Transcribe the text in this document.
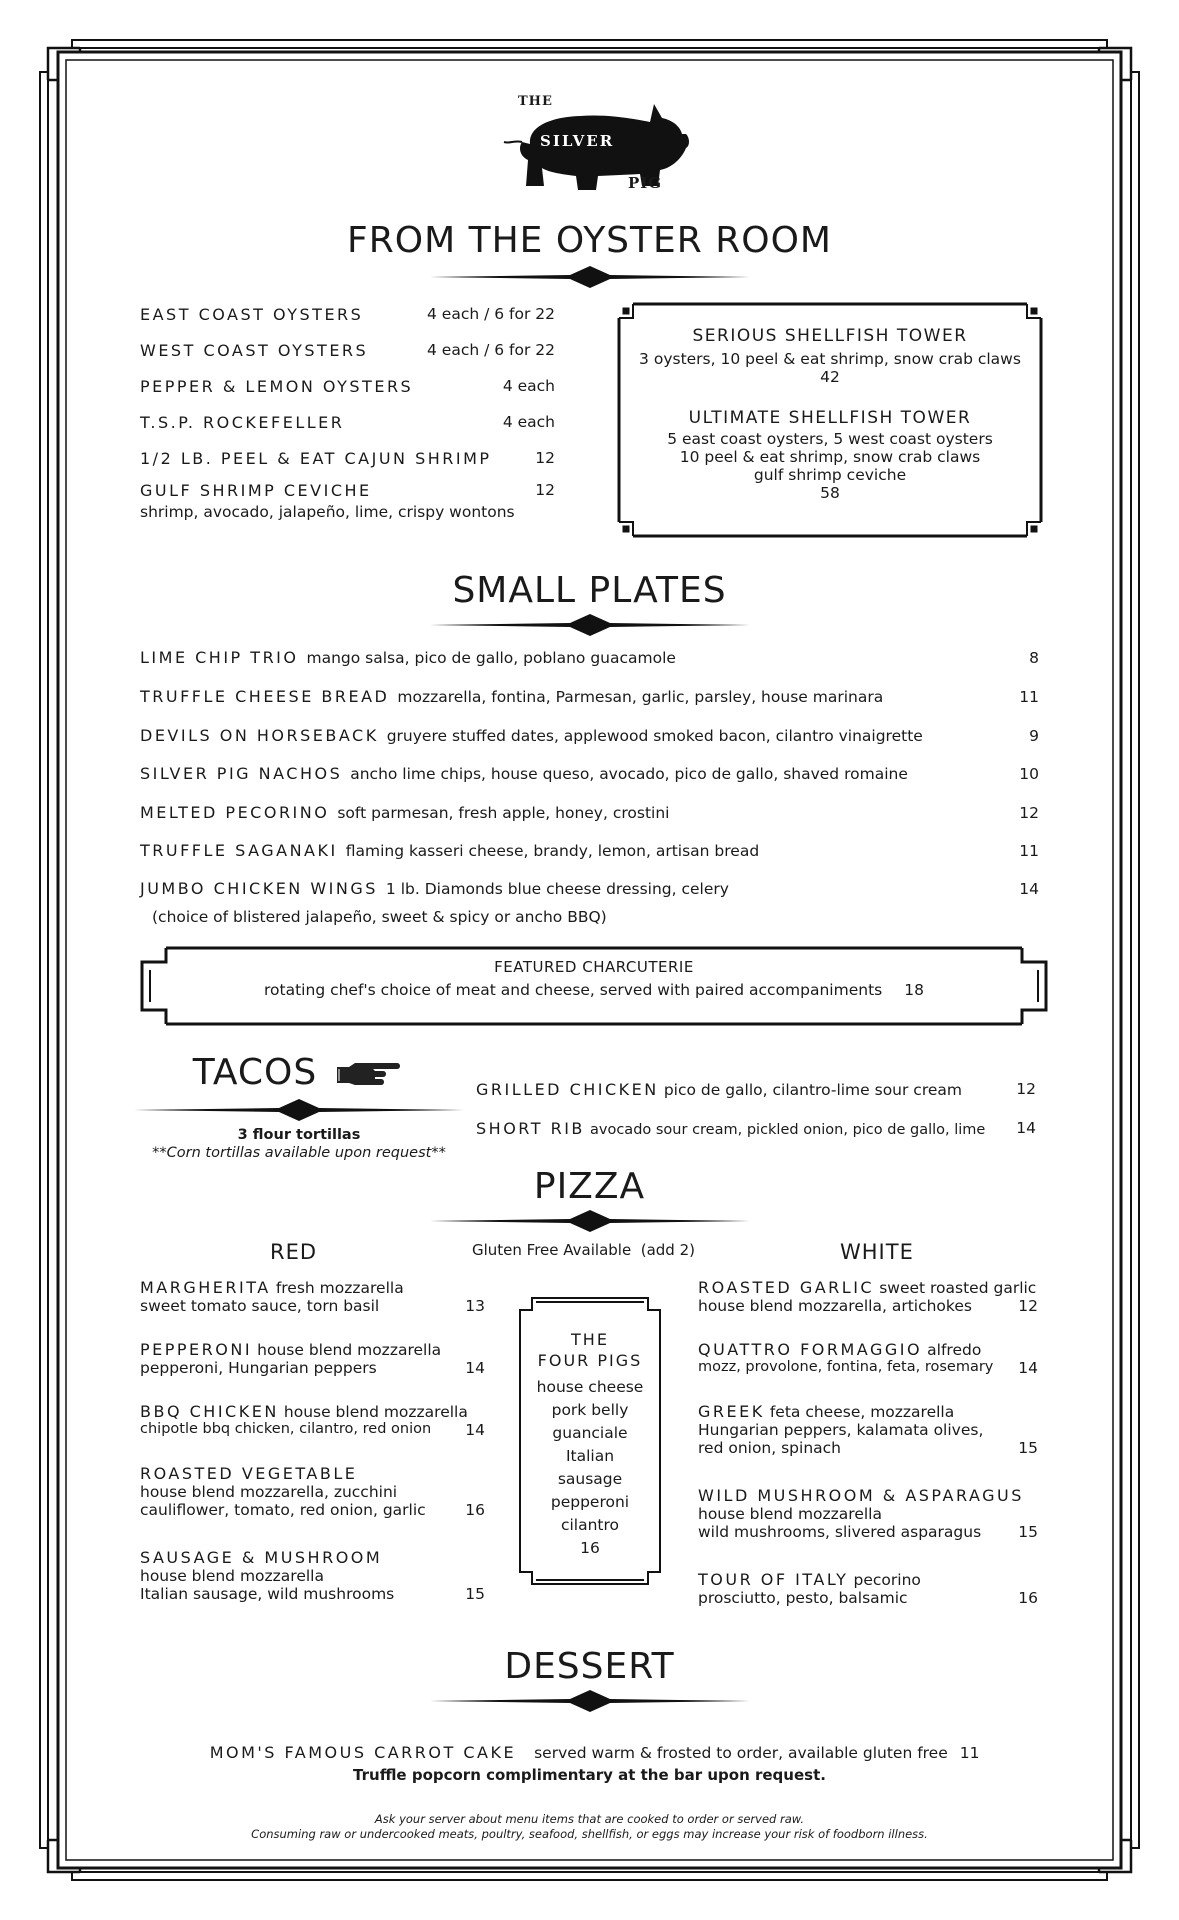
THE
SILVER
PIG
FROM THE OYSTER ROOM
EAST COAST OYSTERS	4 each / 6 for 22
WEST COAST OYSTERS	4 each / 6 for 22
PEPPER & LEMON OYSTERS	4 each
T.S.P. ROCKEFELLER	4 each
1/2 LB. PEEL & EAT CAJUN SHRIMP	12
GULF SHRIMP CEVICHE	12
shrimp, avocado, jalapeño, lime, crispy wontons
SERIOUS SHELLFISH TOWER
3 oysters, 10 peel & eat shrimp, snow crab claws
42
ULTIMATE SHELLFISH TOWER
5 east coast oysters, 5 west coast oysters
10 peel & eat shrimp, snow crab claws
gulf shrimp ceviche
58
SMALL PLATES
LIME CHIP TRIO mango salsa, pico de gallo, poblano guacamole	8
TRUFFLE CHEESE BREAD mozzarella, fontina, Parmesan, garlic, parsley, house marinara	11
DEVILS ON HORSEBACK gruyere stuffed dates, applewood smoked bacon, cilantro vinaigrette	9
SILVER PIG NACHOS ancho lime chips, house queso, avocado, pico de gallo, shaved romaine	10
MELTED PECORINO soft parmesan, fresh apple, honey, crostini	12
TRUFFLE SAGANAKI flaming kasseri cheese, brandy, lemon, artisan bread	11
JUMBO CHICKEN WINGS 1 lb. Diamonds blue cheese dressing, celery	14
(choice of blistered jalapeño, sweet & spicy or ancho BBQ)
FEATURED CHARCUTERIE
rotating chef's choice of meat and cheese, served with paired accompaniments 18
TACOS
3 flour tortillas
**Corn tortillas available upon request**
GRILLED CHICKEN pico de gallo, cilantro-lime sour cream	12
SHORT RIB avocado sour cream, pickled onion, pico de gallo, lime 14
PIZZA
RED	Gluten Free Available  (add 2)	WHITE
MARGHERITA fresh mozzarella
sweet tomato sauce, torn basil	13
PEPPERONI house blend mozzarella
pepperoni, Hungarian peppers	14
BBQ CHICKEN house blend mozzarella
chipotle bbq chicken, cilantro, red onion 14
ROASTED VEGETABLE
house blend mozzarella, zucchini
cauliflower, tomato, red onion, garlic	16
SAUSAGE & MUSHROOM
house blend mozzarella
Italian sausage, wild mushrooms	15
THE
FOUR PIGS
house cheese
pork belly
guanciale
Italian
sausage
pepperoni
cilantro
16
ROASTED GARLIC sweet roasted garlic
house blend mozzarella, artichokes	12
QUATTRO FORMAGGIO alfredo
mozz, provolone, fontina, feta, rosemary 14
GREEK feta cheese, mozzarella
Hungarian peppers, kalamata olives,
red onion, spinach	15
WILD MUSHROOM & ASPARAGUS
house blend mozzarella
wild mushrooms, slivered asparagus 15
TOUR OF ITALY pecorino
prosciutto, pesto, balsamic	16
DESSERT

MOM'S FAMOUS CARROT CAKE served warm & frosted to order, available gluten free 11

Truffle popcorn complimentary at the bar upon request.
Ask your server about menu items that are cooked to order or served raw.
Consuming raw or undercooked meats, poultry, seafood, shellfish, or eggs may increase your risk of foodborn illness.
